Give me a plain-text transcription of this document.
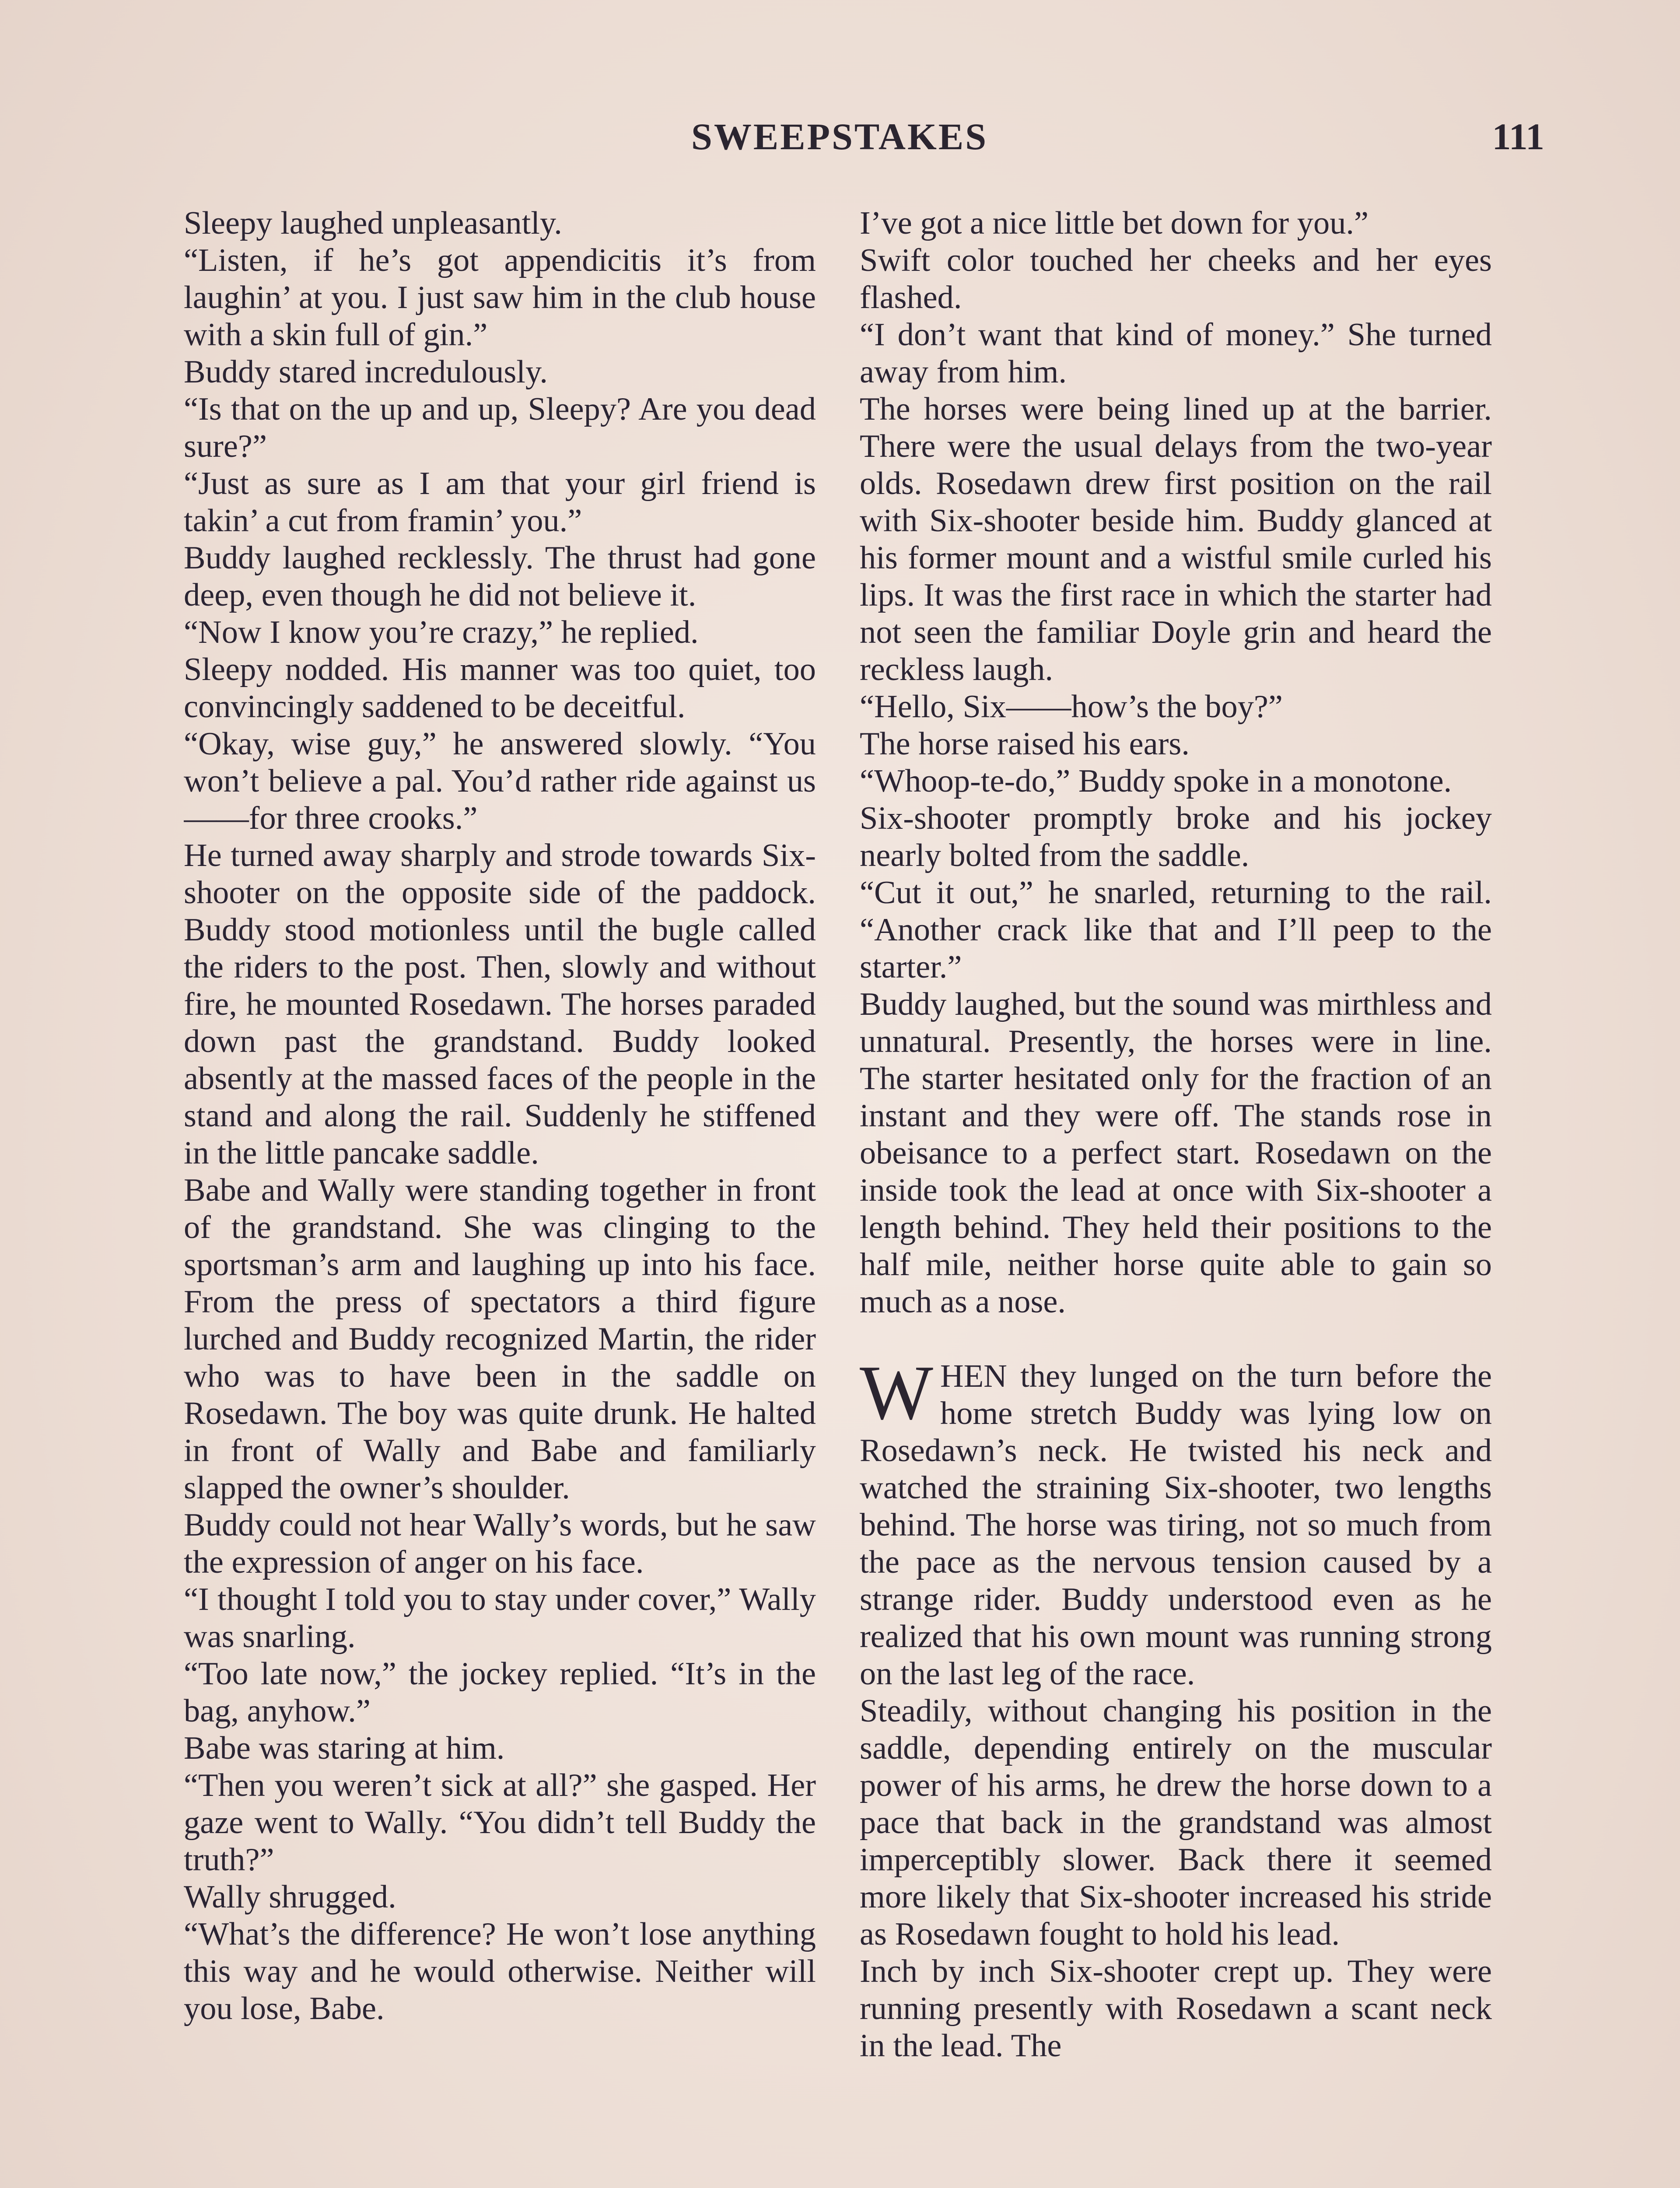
SWEEPSTAKES	111

Sleepy laughed unpleasantly.

“Listen, if he’s got appendicitis it’s from laughin’ at you. I just saw him in the club house with a skin full of gin.”

Buddy stared incredulously.

“Is that on the up and up, Sleepy? Are you dead sure?”

“Just as sure as I am that your girl friend is takin’ a cut from framin’ you.”

Buddy laughed recklessly. The thrust had gone deep, even though he did not believe it.

“Now I know you’re crazy,” he replied.

Sleepy nodded. His manner was too quiet, too convincingly saddened to be deceitful.

“Okay, wise guy,” he answered slowly. “You won’t believe a pal. You’d rather ride against us——for three crooks.”

He turned away sharply and strode towards Six-shooter on the opposite side of the paddock. Buddy stood motionless until the bugle called the riders to the post. Then, slowly and without fire, he mounted Rosedawn. The horses paraded down past the grandstand. Buddy looked absently at the massed faces of the people in the stand and along the rail. Suddenly he stiffened in the little pancake saddle.

Babe and Wally were standing together in front of the grandstand. She was clinging to the sportsman’s arm and laughing up into his face. From the press of spectators a third figure lurched and Buddy recognized Martin, the rider who was to have been in the saddle on Rosedawn. The boy was quite drunk. He halted in front of Wally and Babe and familiarly slapped the owner’s shoulder.

Buddy could not hear Wally’s words, but he saw the expression of anger on his face.

“I thought I told you to stay under cover,” Wally was snarling.

“Too late now,” the jockey replied. “It’s in the bag, anyhow.”

Babe was staring at him.

“Then you weren’t sick at all?” she gasped. Her gaze went to Wally. “You didn’t tell Buddy the truth?”

Wally shrugged.

“What’s the difference? He won’t lose anything this way and he would otherwise. Neither will you lose, Babe.

I’ve got a nice little bet down for you.”

Swift color touched her cheeks and her eyes flashed.

“I don’t want that kind of money.” She turned away from him.

The horses were being lined up at the barrier. There were the usual delays from the two-year olds. Rosedawn drew first position on the rail with Six-shooter beside him. Buddy glanced at his former mount and a wistful smile curled his lips. It was the first race in which the starter had not seen the familiar Doyle grin and heard the reckless laugh.

“Hello, Six——how’s the boy?”

The horse raised his ears.

“Whoop-te-do,” Buddy spoke in a monotone.

Six-shooter promptly broke and his jockey nearly bolted from the saddle.

“Cut it out,” he snarled, returning to the rail. “Another crack like that and I’ll peep to the starter.”

Buddy laughed, but the sound was mirthless and unnatural. Presently, the horses were in line. The starter hesitated only for the fraction of an instant and they were off. The stands rose in obeisance to a perfect start. Rosedawn on the inside took the lead at once with Six-shooter a length behind. They held their positions to the half mile, neither horse quite able to gain so much as a nose.

WHEN they lunged on the turn before the home stretch Buddy was lying low on Rosedawn’s neck. He twisted his neck and watched the straining Six-shooter, two lengths behind. The horse was tiring, not so much from the pace as the nervous tension caused by a strange rider. Buddy understood even as he realized that his own mount was running strong on the last leg of the race.

Steadily, without changing his position in the saddle, depending entirely on the muscular power of his arms, he drew the horse down to a pace that back in the grandstand was almost imperceptibly slower. Back there it seemed more likely that Six-shooter increased his stride as Rosedawn fought to hold his lead.

Inch by inch Six-shooter crept up. They were running presently with Rosedawn a scant neck in the lead. The
